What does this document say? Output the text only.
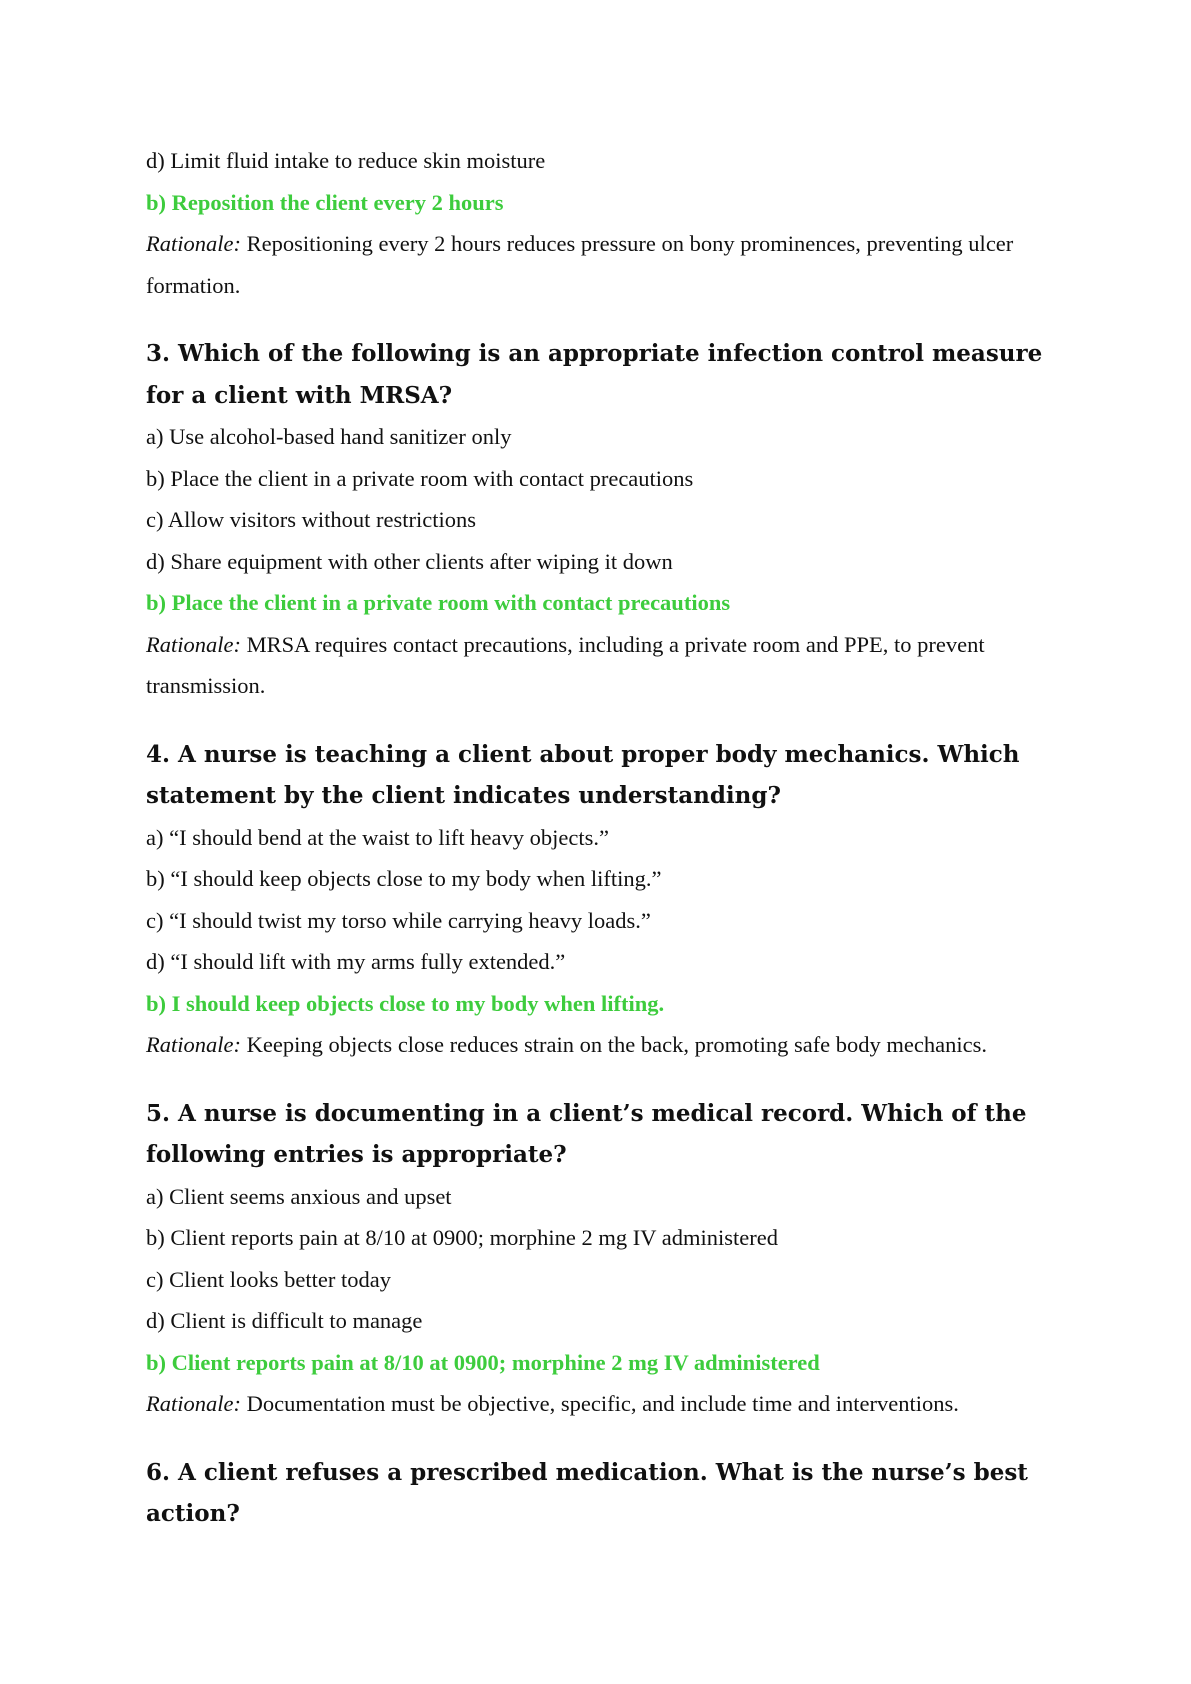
d) Limit fluid intake to reduce skin moisture
b) Reposition the client every 2 hours

Rationale: Repositioning every 2 hours reduces pressure on bony prominences, preventing ulcer formation.

3. Which of the following is an appropriate infection control measure for a client with MRSA?

a) Use alcohol-based hand sanitizer only
b) Place the client in a private room with contact precautions
c) Allow visitors without restrictions
d) Share equipment with other clients after wiping it down
b) Place the client in a private room with contact precautions

Rationale: MRSA requires contact precautions, including a private room and PPE, to prevent transmission.

4. A nurse is teaching a client about proper body mechanics. Which statement by the client indicates understanding?

a) “I should bend at the waist to lift heavy objects.”
b) “I should keep objects close to my body when lifting.”
c) “I should twist my torso while carrying heavy loads.”
d) “I should lift with my arms fully extended.”
b) I should keep objects close to my body when lifting.

Rationale: Keeping objects close reduces strain on the back, promoting safe body mechanics.

5. A nurse is documenting in a client’s medical record. Which of the following entries is appropriate?

a) Client seems anxious and upset
b) Client reports pain at 8/10 at 0900; morphine 2 mg IV administered
c) Client looks better today
d) Client is difficult to manage
b) Client reports pain at 8/10 at 0900; morphine 2 mg IV administered

Rationale: Documentation must be objective, specific, and include time and interventions.

6. A client refuses a prescribed medication. What is the nurse’s best action?
